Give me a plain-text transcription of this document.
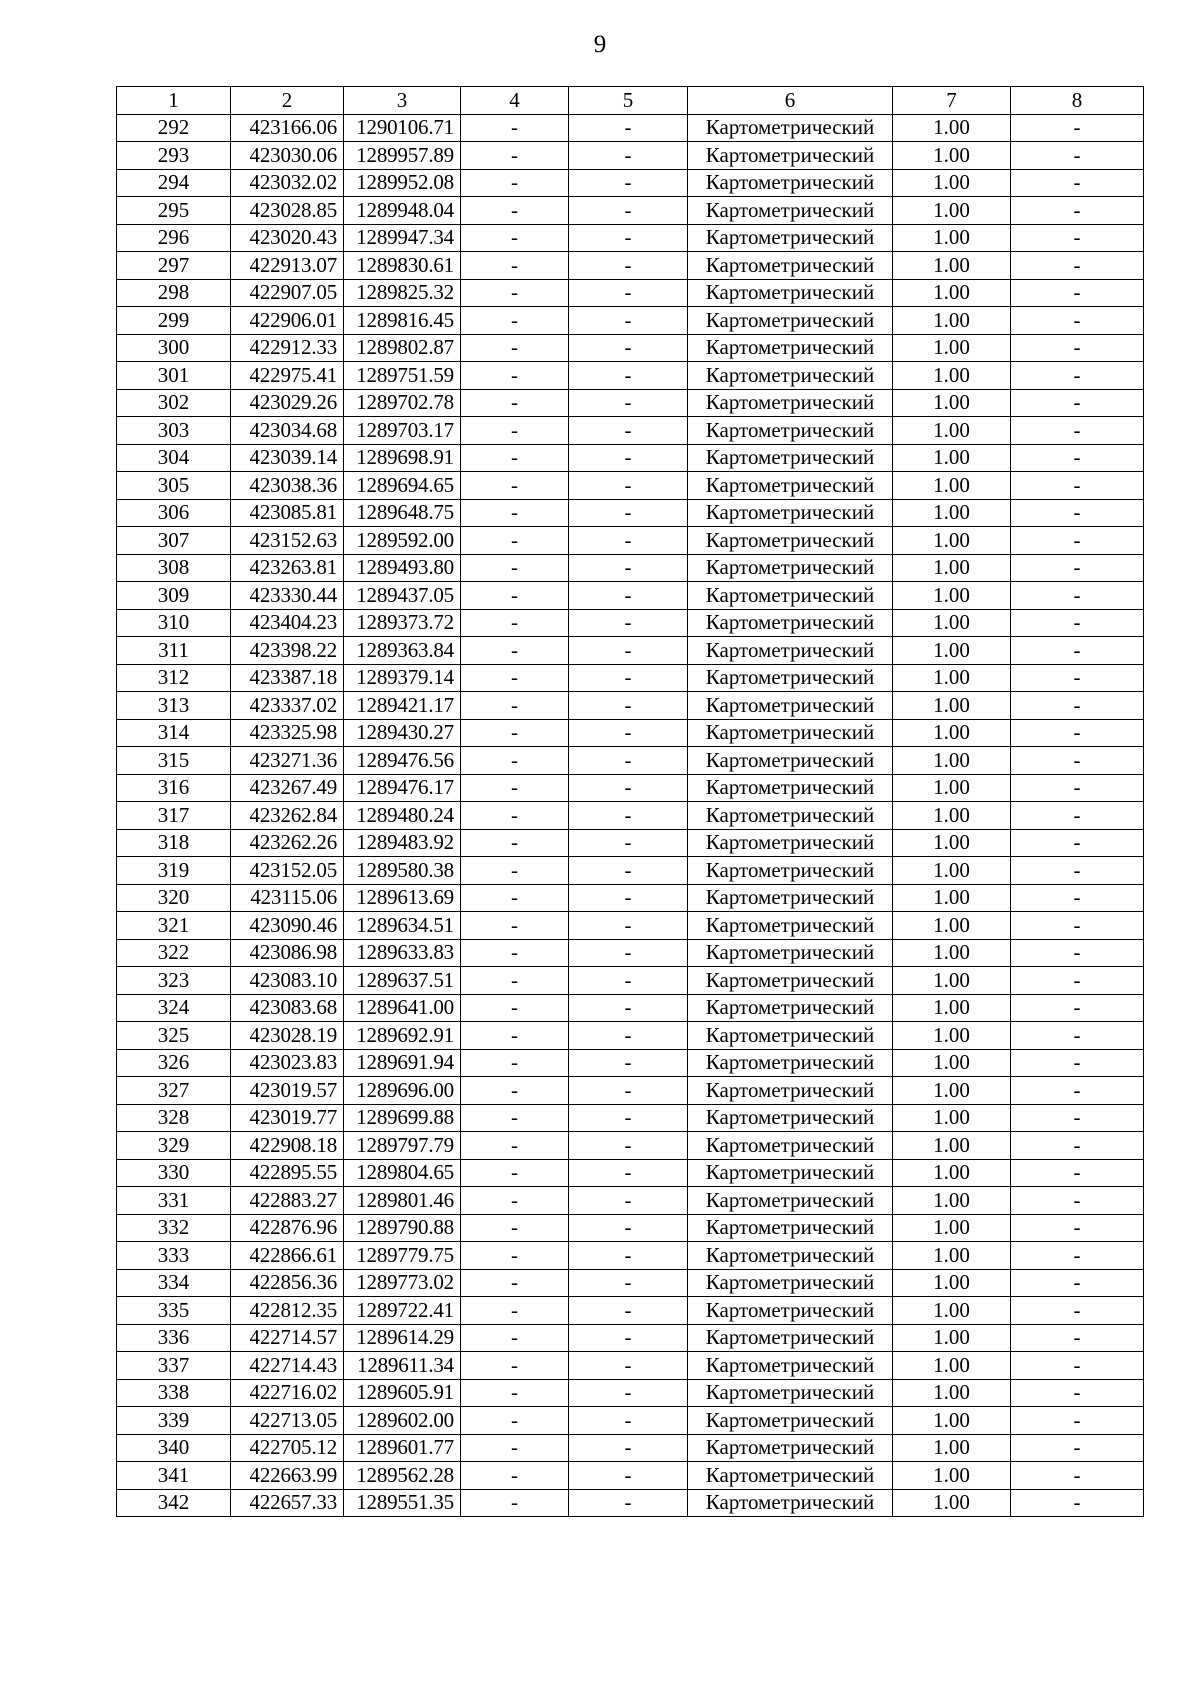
9
1	2	3	4	5	6	7	8
292	423166.06	1290106.71	-	-	Картометрический	1.00	-
293	423030.06	1289957.89	-	-	Картометрический	1.00	-
294	423032.02	1289952.08	-	-	Картометрический	1.00	-
295	423028.85	1289948.04	-	-	Картометрический	1.00	-
296	423020.43	1289947.34	-	-	Картометрический	1.00	-
297	422913.07	1289830.61	-	-	Картометрический	1.00	-
298	422907.05	1289825.32	-	-	Картометрический	1.00	-
299	422906.01	1289816.45	-	-	Картометрический	1.00	-
300	422912.33	1289802.87	-	-	Картометрический	1.00	-
301	422975.41	1289751.59	-	-	Картометрический	1.00	-
302	423029.26	1289702.78	-	-	Картометрический	1.00	-
303	423034.68	1289703.17	-	-	Картометрический	1.00	-
304	423039.14	1289698.91	-	-	Картометрический	1.00	-
305	423038.36	1289694.65	-	-	Картометрический	1.00	-
306	423085.81	1289648.75	-	-	Картометрический	1.00	-
307	423152.63	1289592.00	-	-	Картометрический	1.00	-
308	423263.81	1289493.80	-	-	Картометрический	1.00	-
309	423330.44	1289437.05	-	-	Картометрический	1.00	-
310	423404.23	1289373.72	-	-	Картометрический	1.00	-
311	423398.22	1289363.84	-	-	Картометрический	1.00	-
312	423387.18	1289379.14	-	-	Картометрический	1.00	-
313	423337.02	1289421.17	-	-	Картометрический	1.00	-
314	423325.98	1289430.27	-	-	Картометрический	1.00	-
315	423271.36	1289476.56	-	-	Картометрический	1.00	-
316	423267.49	1289476.17	-	-	Картометрический	1.00	-
317	423262.84	1289480.24	-	-	Картометрический	1.00	-
318	423262.26	1289483.92	-	-	Картометрический	1.00	-
319	423152.05	1289580.38	-	-	Картометрический	1.00	-
320	423115.06	1289613.69	-	-	Картометрический	1.00	-
321	423090.46	1289634.51	-	-	Картометрический	1.00	-
322	423086.98	1289633.83	-	-	Картометрический	1.00	-
323	423083.10	1289637.51	-	-	Картометрический	1.00	-
324	423083.68	1289641.00	-	-	Картометрический	1.00	-
325	423028.19	1289692.91	-	-	Картометрический	1.00	-
326	423023.83	1289691.94	-	-	Картометрический	1.00	-
327	423019.57	1289696.00	-	-	Картометрический	1.00	-
328	423019.77	1289699.88	-	-	Картометрический	1.00	-
329	422908.18	1289797.79	-	-	Картометрический	1.00	-
330	422895.55	1289804.65	-	-	Картометрический	1.00	-
331	422883.27	1289801.46	-	-	Картометрический	1.00	-
332	422876.96	1289790.88	-	-	Картометрический	1.00	-
333	422866.61	1289779.75	-	-	Картометрический	1.00	-
334	422856.36	1289773.02	-	-	Картометрический	1.00	-
335	422812.35	1289722.41	-	-	Картометрический	1.00	-
336	422714.57	1289614.29	-	-	Картометрический	1.00	-
337	422714.43	1289611.34	-	-	Картометрический	1.00	-
338	422716.02	1289605.91	-	-	Картометрический	1.00	-
339	422713.05	1289602.00	-	-	Картометрический	1.00	-
340	422705.12	1289601.77	-	-	Картометрический	1.00	-
341	422663.99	1289562.28	-	-	Картометрический	1.00	-
342	422657.33	1289551.35	-	-	Картометрический	1.00	-
